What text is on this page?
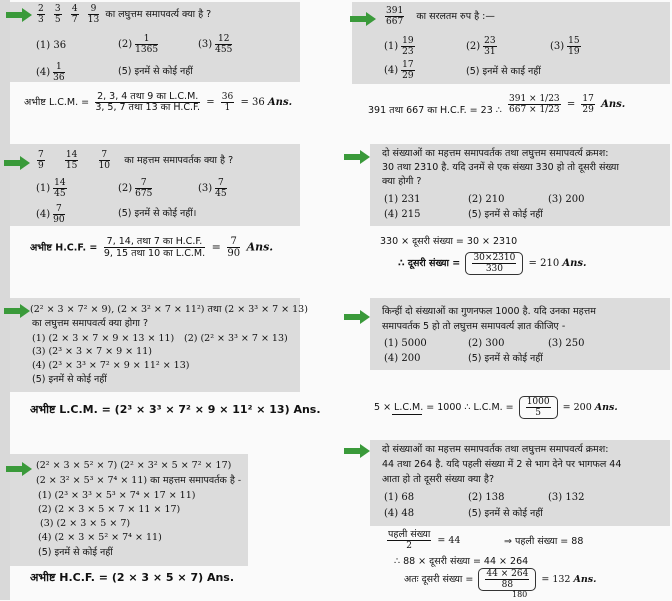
$\frac{2}{3}$
$\frac{3}{5}$
$\frac{4}{7}$
$\frac{9}{13}$ का लघुत्तम समापवर्त्य क्या है ?
(1) 36	$(2) \frac{1}{1365}$	$(3) \frac{12}{455}$
$(4) \frac{1}{36}$	(5) इनमें से कोई नहीं
अभीष्ट L.C.M. = $\frac{\text{2, 3, 4 तथा 9 का L.C.M.}}{\text{3, 5, 7 तथा 13 का H.C.F.}} = \frac{36}{1} = 36$ Ans.
$\frac{7}{9}$
$\frac{14}{15}$
$\frac{7}{10}$ का महत्तम समापवर्तक क्या है ?
$(1) \frac{14}{45}$	$(2) \frac{7}{675}$	$(3) \frac{7}{45}$
$(4) \frac{7}{90}$	(5) इनमें से कोई नहीं।
अभीष्ट H.C.F. = $\frac{\text{7, 14, तथा 7 का H.C.F.}}{\text{9, 15 तथा 10 का L.C.M.}} = \frac{7}{90}$ Ans.
(2² × 3 × 7² × 9), (2 × 3² × 7 × 11²) तथा (2 × 3³ × 7 × 13)
का लघुत्तम समापवर्त्य क्या होगा ?
(1) (2 × 3 × 7 × 9 × 13 × 11) (2) (2² × 3³ × 7 × 13)
(3) (2³ × 3 × 7 × 9 × 11)
(4) (2³ × 3³ × 7² × 9 × 11² × 13)
(5) इनमें से कोई नहीं
अभीष्ट L.C.M. = (2³ × 3³ × 7² × 9 × 11² × 13) Ans.
(2² × 3 × 5² × 7) (2² × 3² × 5 × 7² × 17)
(2 × 3² × 5³ × 7⁴ × 11) का महत्तम समापवर्तक है -
(1) (2³ × 3³ × 5³ × 7⁴ × 17 × 11)
(2) (2 × 3 × 5 × 7 × 11 × 17)
(3) (2 × 3 × 5 × 7)
(4) (2 × 3 × 5² × 7⁴ × 11)
(5) इनमें से कोई नहीं
अभीष्ट H.C.F. = (2 × 3 × 5 × 7) Ans.
$\frac{391}{667}$ का सरलतम रुप है :—
$(1) \frac{19}{23}$	$(2) \frac{23}{31}$	$(3) \frac{15}{19}$
$(4) \frac{17}{29}$	(5) इनमें से काई नहीं
391 तथा 667 का H.C.F. = 23 ∴ $\frac{391 \times 1/23}{667 \times 1/23} = \frac{17}{29}$ Ans.
दो संख्याओं का महत्तम समापवर्तक तथा लघुत्तम समापवर्त्य क्रमश:
30 तथा 2310 है. यदि उनमें से एक संख्या 330 हो तो दूसरी संख्या
क्या होगी ?
(1) 231	(2) 210	(3) 200
(4) 215	(5) इनमें से कोई नहीं
330 × दूसरी संख्या = 30 × 2310
∴ दूसरी संख्या = $\frac{30\times 2310}{330} = 210$ Ans.
किन्हीं दो संख्याओं का गुणनफल 1000 है. यदि उनका महत्तम
समापवर्तक 5 हो तो लघुत्तम समापवर्त्य ज्ञात कीजिए -
(1) 5000	(2) 300	(3) 250
(4) 200	(5) इनमें से कोई नहीं
5 × L.C.M. = 1000 ∴ L.C.M. = $\frac{1000}{5} = 200$ Ans.
दो संख्याओं का महत्तम समापवर्तक तथा लघुत्तम समापवर्त्य क्रमश:
44 तथा 264 है. यदि पहली संख्या में 2 से भाग देने पर भागफल 44
आता हो तो दूसरी संख्या क्या है?
(1) 68	(2) 138	(3) 132
(4) 48	(5) इनमें से कोई नहीं
$\frac{\text{पहली संख्या}}{2} = 44$	⇒ पहली संख्या = 88
∴ 88 × दूसरी संख्या = 44 × 264
अतः दूसरी संख्या = $\frac{44 \times 264}{88} = 132$ Ans.
180
